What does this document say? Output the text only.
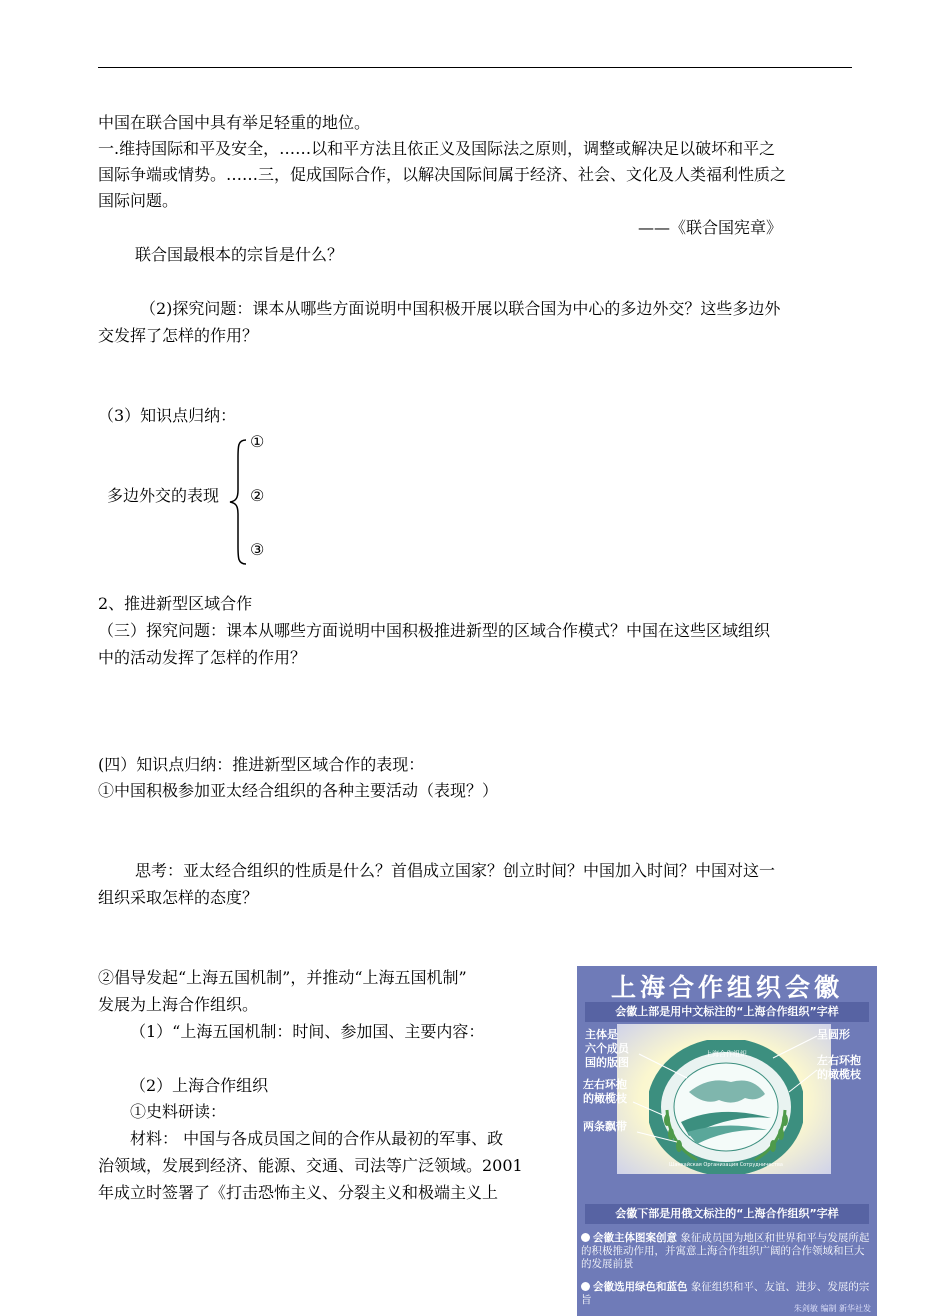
中国在联合国中具有举足轻重的地位。
一.维持国际和平及安全，……以和平方法且依正义及国际法之原则，调整或解决足以破坏和平之
国际争端或情势。……三，促成国际合作，以解决国际间属于经济、社会、文化及人类福利性质之
国际问题。
——《联合国宪章》
联合国最根本的宗旨是什么？
（2)探究问题：课本从哪些方面说明中国积极开展以联合国为中心的多边外交？这些多边外
交发挥了怎样的作用？
（3）知识点归纳：
①
多边外交的表现 ②
③
2、推进新型区域合作
（三）探究问题：课本从哪些方面说明中国积极推进新型的区域合作模式？中国在这些区域组织
中的活动发挥了怎样的作用？
(四）知识点归纳：推进新型区域合作的表现：
①中国积极参加亚太经合组织的各种主要活动（表现？）
思考：亚太经合组织的性质是什么？首倡成立国家？创立时间？中国加入时间？中国对这一
组织采取怎样的态度？
②倡导发起“上海五国机制”，并推动“上海五国机制”
发展为上海合作组织。
（1）“上海五国机制：时间、参加国、主要内容：
（2）上海合作组织
①史料研读：
材料： 中国与各成员国之间的合作从最初的军事、政
治领域，发展到经济、能源、交通、司法等广泛领域。2001
年成立时签署了《打击恐怖主义、分裂主义和极端主义上
上海合作组织会徽
会徽上部是用中文标注的“上海合作组织”字样
上海合作组织
Шанхайская Организация Сотрудничества
主体是
六个成员
国的版图
呈圆形
左右环抱
的橄榄枝
左右环抱
的橄榄枝
两条飘带
会徽下部是用俄文标注的“上海合作组织”字样
会徽主体图案创意 象征成员国为地区和世界和平与发展所起的积极推动作用，并寓意上海合作组织广阔的合作领域和巨大的发展前景
会徽选用绿色和蓝色 象征组织和平、友谊、进步、发展的宗旨
朱剑敏 编制 新华社发
